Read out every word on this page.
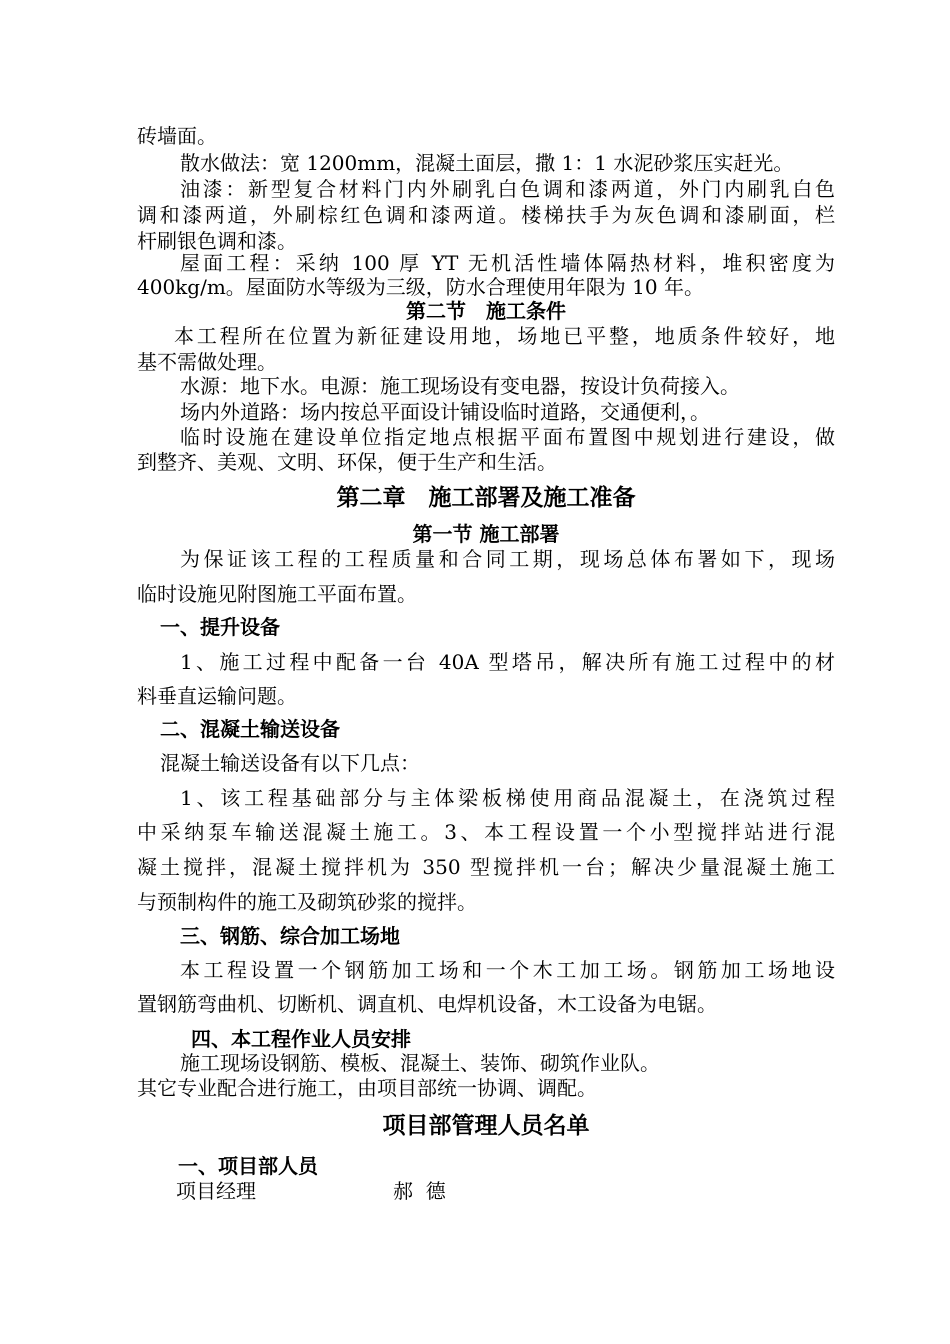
砖墙面。
散水做法：宽 1200mm，混凝土面层，撒 1：1 水泥砂浆压实赶光。
油漆：新型复合材料门内外刷乳白色调和漆两道，外门内刷乳白色
调和漆两道，外刷棕红色调和漆两道。楼梯扶手为灰色调和漆刷面，栏
杆刷银色调和漆。
屋面工程：采纳 100 厚 YT 无机活性墙体隔热材料，堆积密度为
400kg/m。屋面防水等级为三级，防水合理使用年限为 10 年。
第二节　施工条件
本工程所在位置为新征建设用地，场地已平整，地质条件较好，地
基不需做处理。
水源：地下水。电源：施工现场设有变电器，按设计负荷接入。
场内外道路：场内按总平面设计铺设临时道路，交通便利，。
临时设施在建设单位指定地点根据平面布置图中规划进行建设，做
到整齐、美观、文明、环保，便于生产和生活。
第二章　施工部署及施工准备
第一节 施工部署
为保证该工程的工程质量和合同工期，现场总体布署如下，现场
临时设施见附图施工平面布置。
一、提升设备
1、施工过程中配备一台 40A 型塔吊，解决所有施工过程中的材
料垂直运输问题。
二、混凝土输送设备
混凝土输送设备有以下几点：
1、该工程基础部分与主体梁板梯使用商品混凝土，在浇筑过程
中采纳泵车输送混凝土施工。3、本工程设置一个小型搅拌站进行混
凝土搅拌，混凝土搅拌机为 350 型搅拌机一台；解决少量混凝土施工
与预制构件的施工及砌筑砂浆的搅拌。
三、钢筋、综合加工场地
本工程设置一个钢筋加工场和一个木工加工场。钢筋加工场地设
置钢筋弯曲机、切断机、调直机、电焊机设备，木工设备为电锯。
四、本工程作业人员安排
施工现场设钢筋、模板、混凝土、装饰、砌筑作业队。
其它专业配合进行施工，由项目部统一协调、调配。
项目部管理人员名单
一、项目部人员
项目经理	郝  德
